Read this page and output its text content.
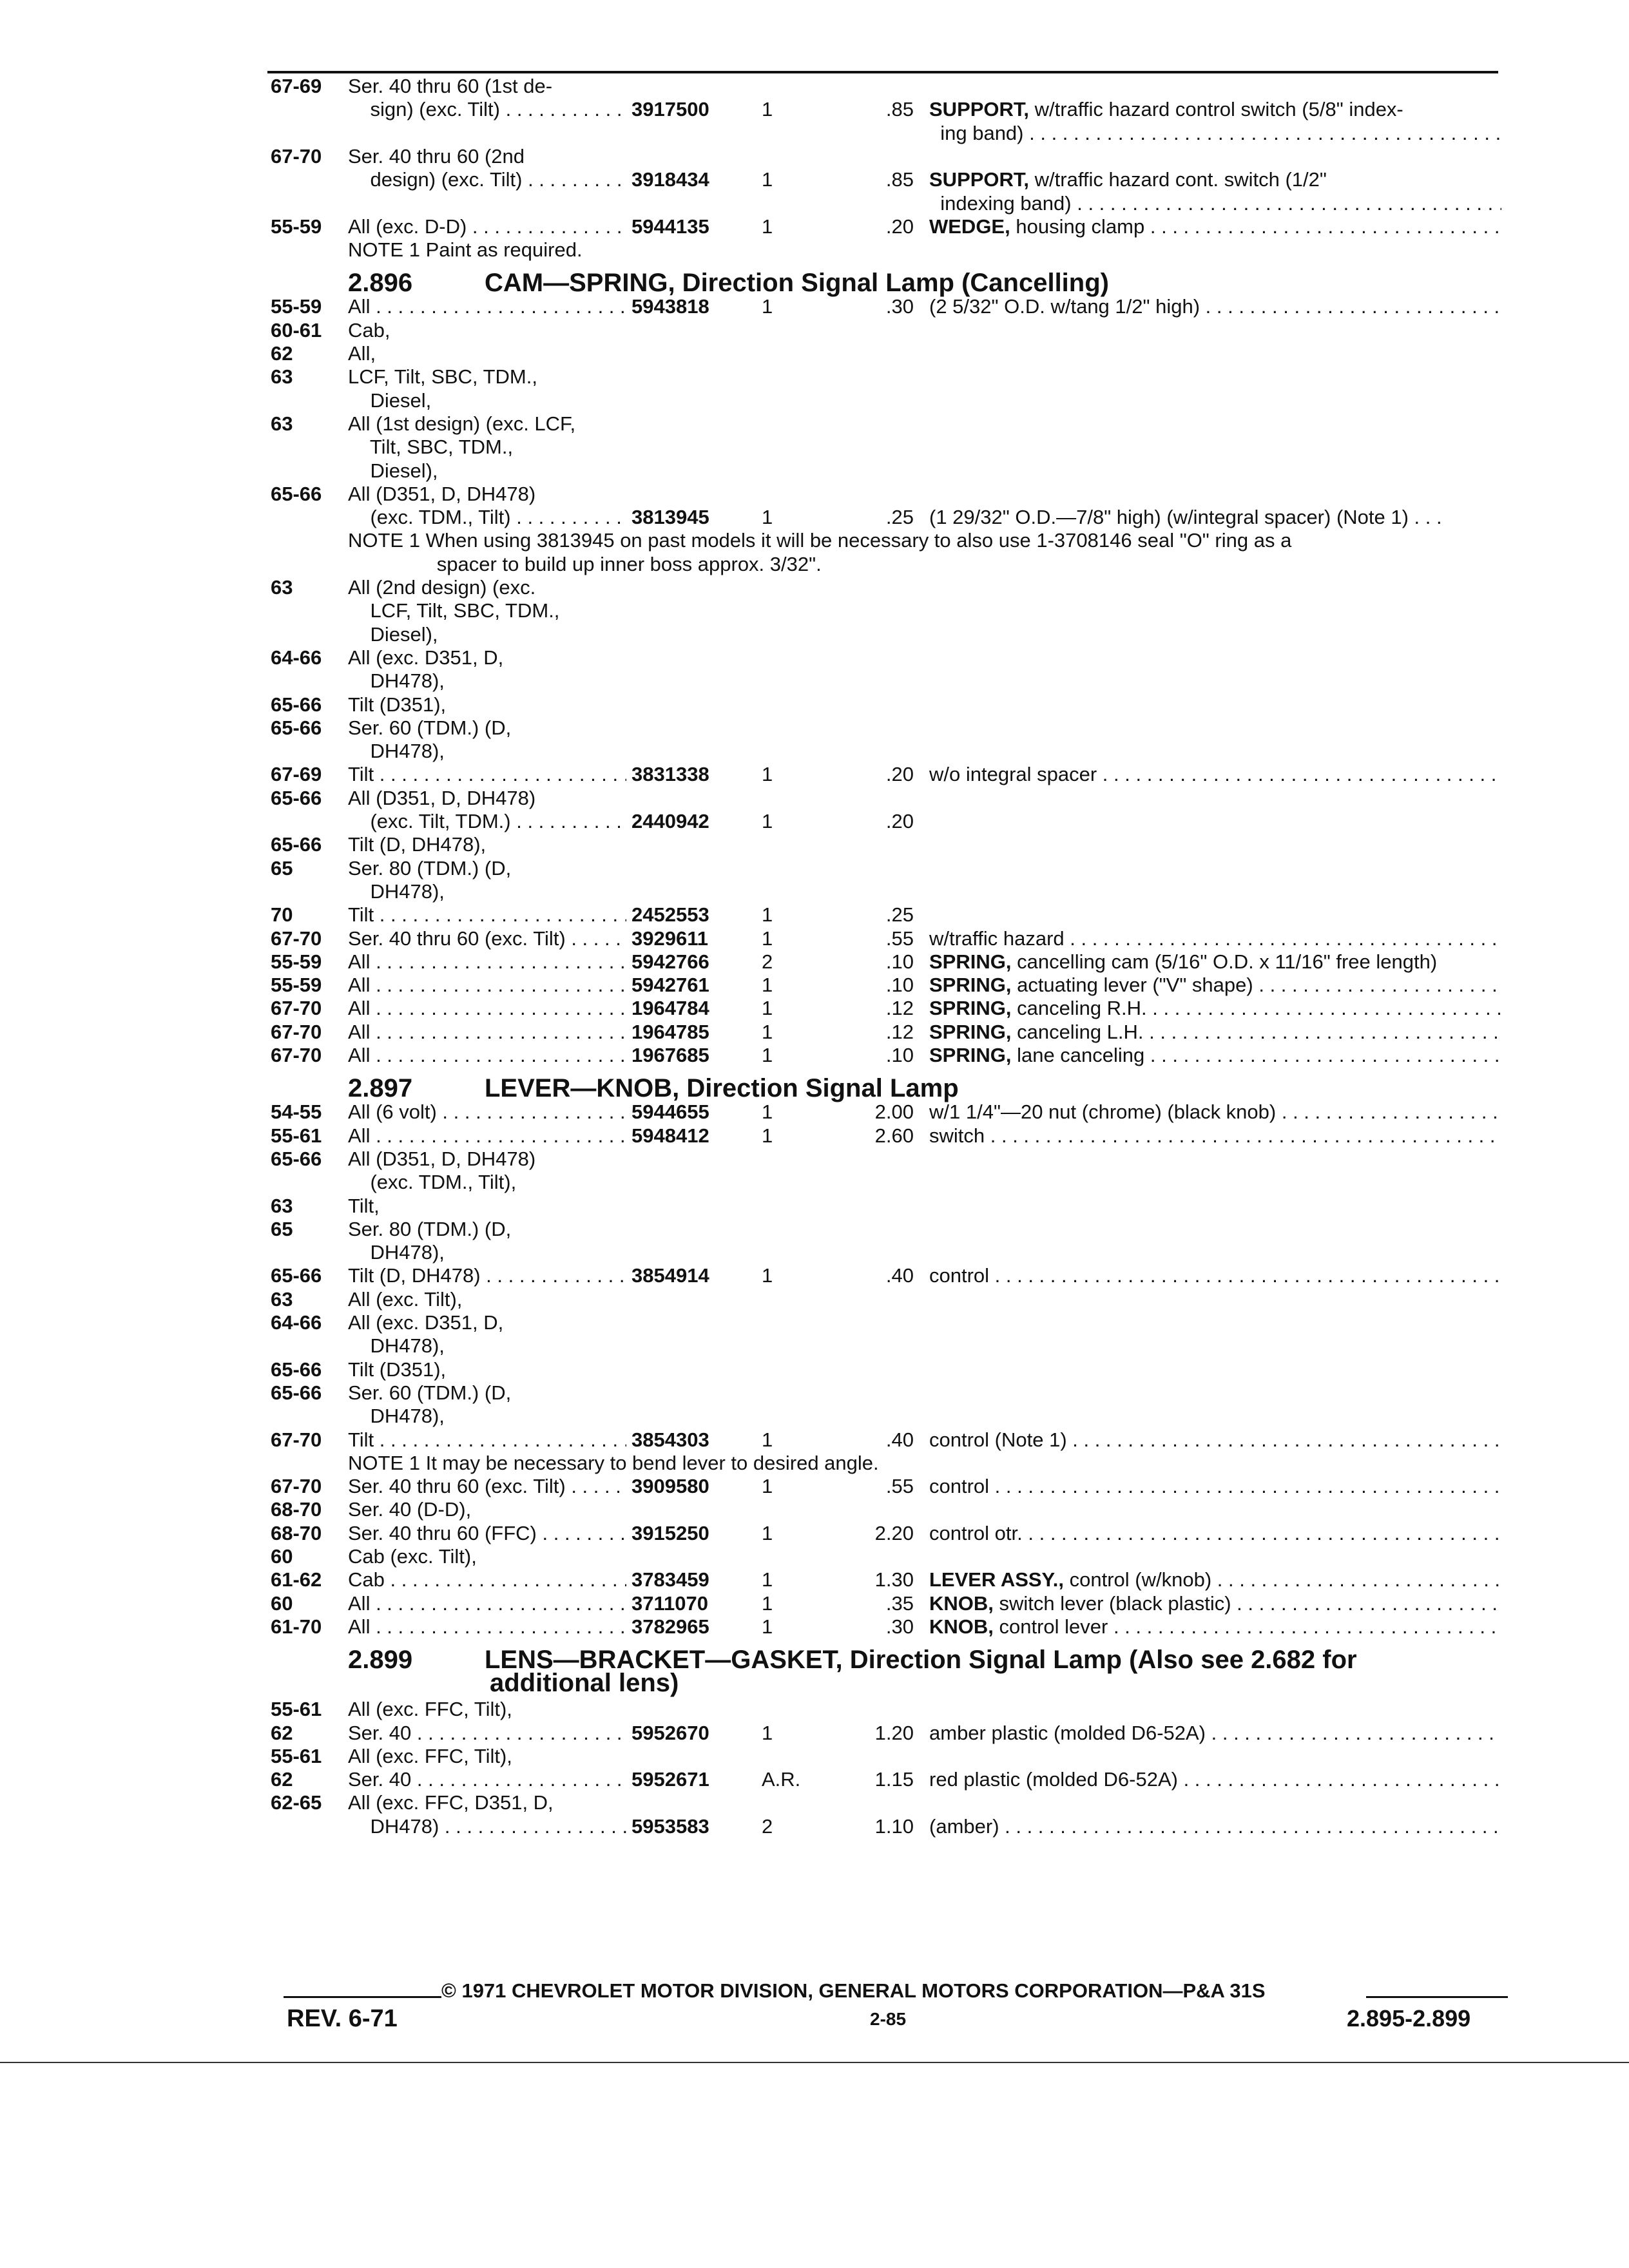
67-69 Ser. 40 thru 60 (1st de-
sign) (exc. Tilt) . . .	3917500	1	.85 SUPPORT, w/traffic hazard control switch (5/8" index-
ing band) . . .
67-70 Ser. 40 thru 60 (2nd
design) (exc. Tilt) . . .	3918434	1	.85 SUPPORT, w/traffic hazard cont. switch (1/2"
indexing band) . . .
55-59 All (exc. D-D) . . .	5944135	1	.20 WEDGE, housing clamp . . .
NOTE 1 Paint as required.
2.896	CAM—SPRING, Direction Signal Lamp (Cancelling)
55-59 All . . .	5943818	1	.30 (2 5/32" O.D. w/tang 1/2" high) . . .
60-61 Cab,
62	All,
63	LCF, Tilt, SBC, TDM.,
Diesel,
63	All (1st design) (exc. LCF,
Tilt, SBC, TDM.,
Diesel),
65-66 All (D351, D, DH478)
(exc. TDM., Tilt) . . .	3813945	1	.25 (1 29/32" O.D.—7/8" high) (w/integral spacer) (Note 1) . . .
NOTE 1 When using 3813945 on past models it will be necessary to also use 1-3708146 seal "O" ring as a
spacer to build up inner boss approx. 3/32".
63	All (2nd design) (exc.
LCF, Tilt, SBC, TDM.,
Diesel),
64-66 All (exc. D351, D,
DH478),
65-66 Tilt (D351),
65-66 Ser. 60 (TDM.) (D,
DH478),
67-69 Tilt . . .	3831338	1	.20 w/o integral spacer . . .
65-66 All (D351, D, DH478)
(exc. Tilt, TDM.) . . .	2440942	1	.20
65-66 Tilt (D, DH478),
65	Ser. 80 (TDM.) (D,
DH478),
70	Tilt . . .	2452553	1	.25
67-70 Ser. 40 thru 60 (exc. Tilt) . . .	3929611	1	.55 w/traffic hazard . . .
55-59 All . . .	5942766	2	.10 SPRING, cancelling cam (5/16" O.D. x 11/16" free length)
55-59 All . . .	5942761	1	.10 SPRING, actuating lever ("V" shape) . . .
67-70 All . . .	1964784	1	.12 SPRING, canceling R.H. . . .
67-70 All . . .	1964785	1	.12 SPRING, canceling L.H. . . .
67-70 All . . .	1967685	1	.10 SPRING, lane canceling . . .
2.897	LEVER—KNOB, Direction Signal Lamp
54-55 All (6 volt) . . .	5944655	1	2.00 w/1 1/4"—20 nut (chrome) (black knob) . . .
55-61 All . . .	5948412	1	2.60 switch . . .
65-66 All (D351, D, DH478)
(exc. TDM., Tilt),
63	Tilt,
65	Ser. 80 (TDM.) (D,
DH478),
65-66 Tilt (D, DH478) . . .	3854914	1	.40 control . . .
63	All (exc. Tilt),
64-66 All (exc. D351, D,
DH478),
65-66 Tilt (D351),
65-66 Ser. 60 (TDM.) (D,
DH478),
67-70 Tilt . . .	3854303	1	.40 control (Note 1) . . .
NOTE 1 It may be necessary to bend lever to desired angle.
67-70 Ser. 40 thru 60 (exc. Tilt) . . .	3909580	1	.55 control . . .
68-70 Ser. 40 (D-D),
68-70 Ser. 40 thru 60 (FFC) . . .	3915250	1	2.20 control otr. . . .
60	Cab (exc. Tilt),
61-62 Cab . . .	3783459	1	1.30 LEVER ASSY., control (w/knob) . . .
60	All . . .	3711070	1	.35 KNOB, switch lever (black plastic) . . .
61-70 All . . .	3782965	1	.30 KNOB, control lever . . .
2.899	LENS—BRACKET—GASKET, Direction Signal Lamp (Also see 2.682 for
additional lens)
55-61 All (exc. FFC, Tilt),
62	Ser. 40 . . .	5952670	1	1.20 amber plastic (molded D6-52A) . . .
55-61 All (exc. FFC, Tilt),
62	Ser. 40 . . .	5952671	A.R.	1.15 red plastic (molded D6-52A) . . .
62-65 All (exc. FFC, D351, D,
DH478) . . .	5953583	2	1.10 (amber) . . .
© 1971 CHEVROLET MOTOR DIVISION, GENERAL MOTORS CORPORATION—P&A 31S
REV. 6-71	2-85	2.895-2.899
